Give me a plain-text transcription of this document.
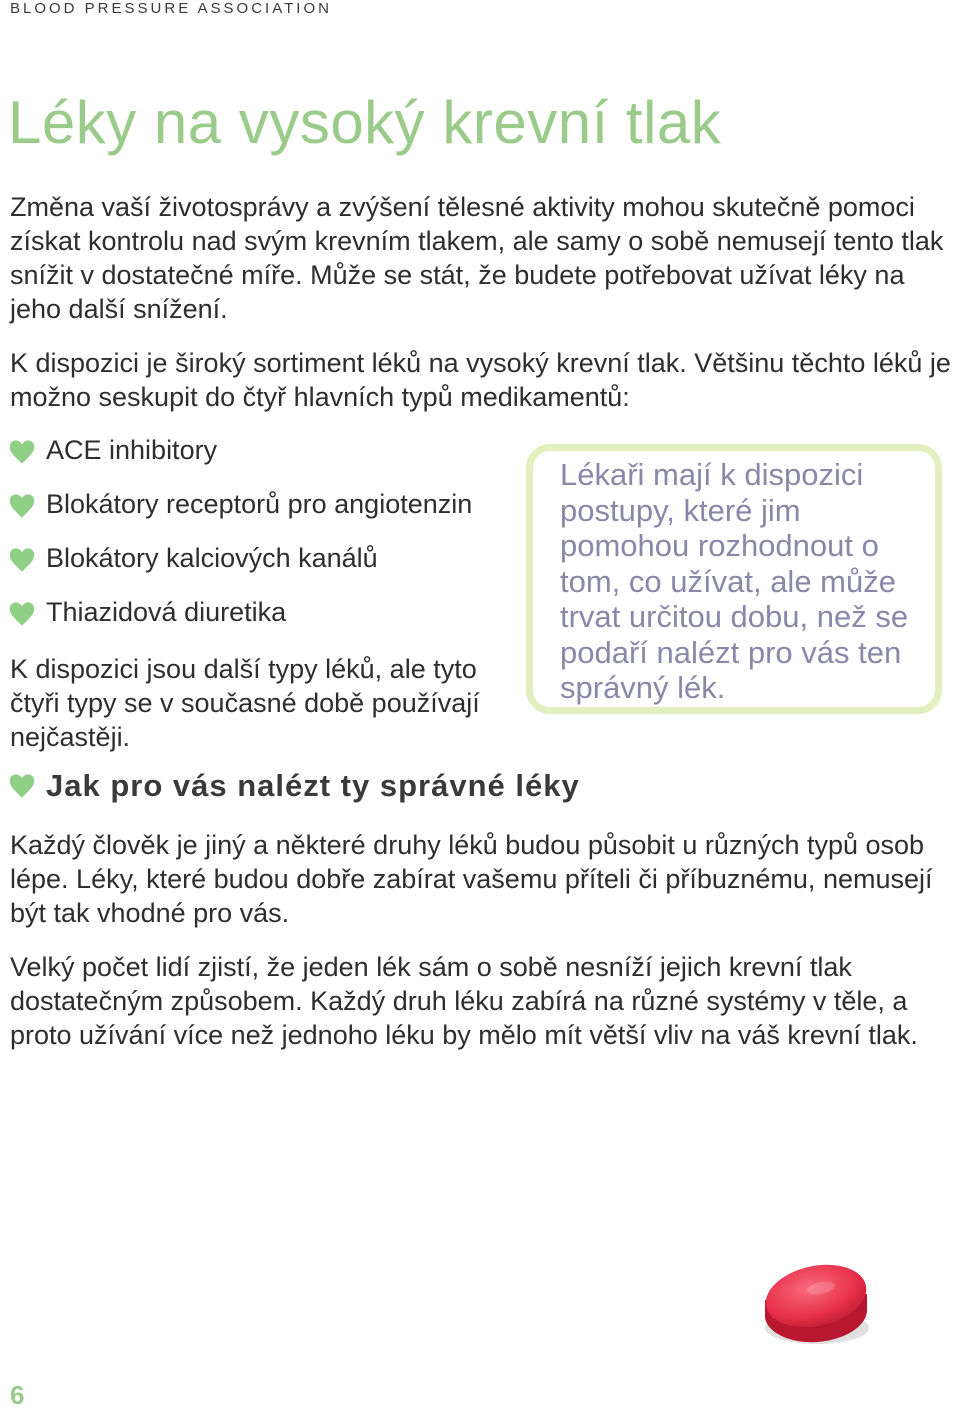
BLOOD PRESSURE ASSOCIATION
Léky na vysoký krevní tlak

Změna vaší životosprávy a zvýšení tělesné aktivity mohou skutečně pomoci získat kontrolu nad svým krevním tlakem, ale samy o sobě nemusejí tento tlak snížit v dostatečné míře. Může se stát, že budete potřebovat užívat léky na jeho další snížení.

K dispozici je široký sortiment léků na vysoký krevní tlak. Většinu těchto léků je možno seskupit do čtyř hlavních typů medikamentů:

ACE inhibitory
Blokátory receptorů pro angiotenzin
Blokátory kalciových kanálů
Thiazidová diuretika

K dispozici jsou další typy léků, ale tyto čtyři typy se v současné době používají nejčastěji.

Lékaři mají k dispozici postupy, které jim pomohou rozhodnout o tom, co užívat, ale může trvat určitou dobu, než se podaří nalézt pro vás ten správný lék.

Jak pro vás nalézt ty správné léky

Každý člověk je jiný a některé druhy léků budou působit u různých typů osob lépe. Léky, které budou dobře zabírat vašemu příteli či příbuznému, nemusejí být tak vhodné pro vás.

Velký počet lidí zjistí, že jeden lék sám o sobě nesníží jejich krevní tlak dostatečným způsobem. Každý druh léku zabírá na různé systémy v těle, a proto užívání více než jednoho léku by mělo mít větší vliv na váš krevní tlak.

6
